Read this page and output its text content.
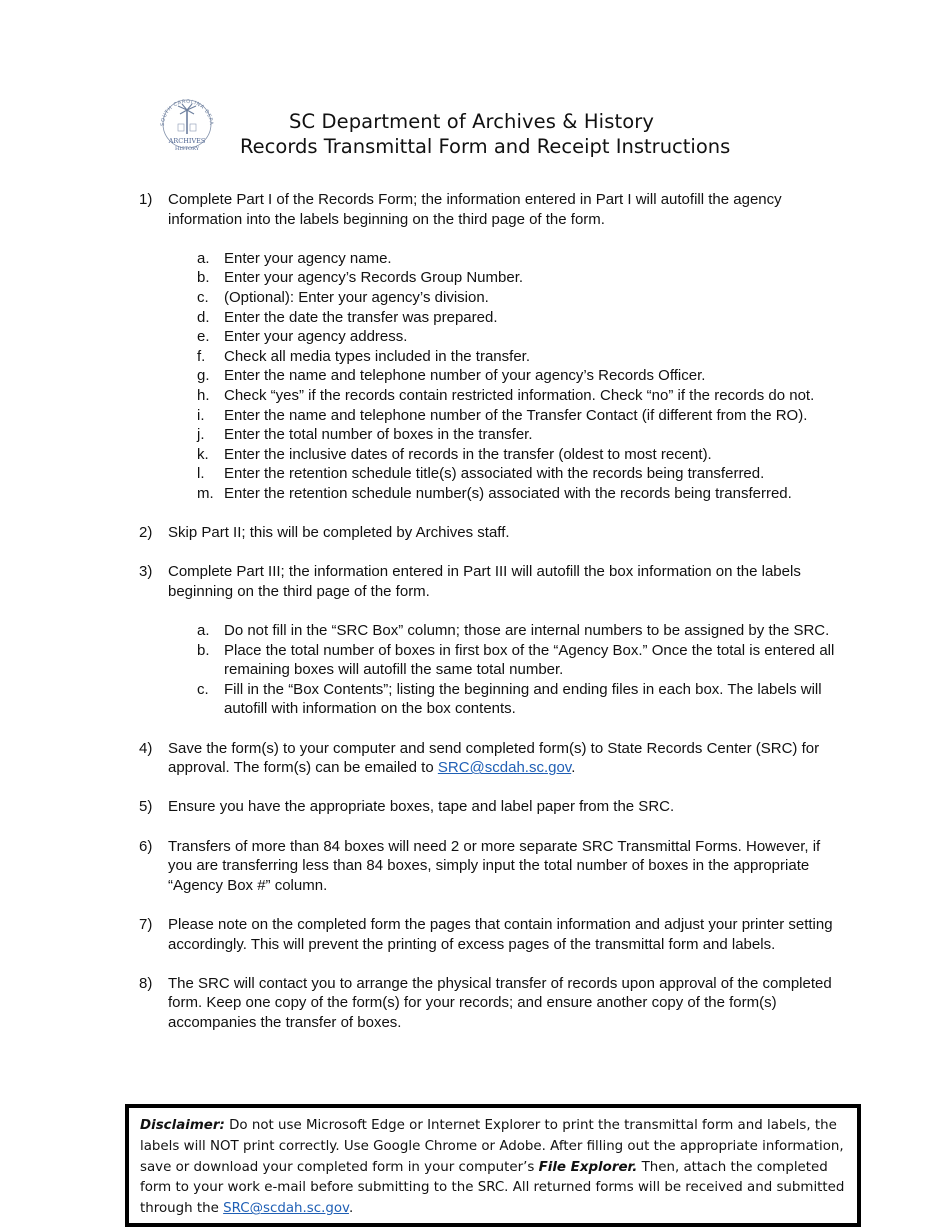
SOUTH CAROLINA DEPA
ARCHIVES
HISTORY
SC Department of Archives & History
Records Transmittal Form and Receipt Instructions
1) Complete Part I of the Records Form; the information entered in Part I will autofill the agency information into the labels beginning on the third page of the form.
a. Enter your agency name.
b. Enter your agency’s Records Group Number.
c. (Optional): Enter your agency’s division.
d. Enter the date the transfer was prepared.
e. Enter your agency address.
f. Check all media types included in the transfer.
g. Enter the name and telephone number of your agency’s Records Officer.
h. Check “yes” if the records contain restricted information. Check “no” if the records do not.
i. Enter the name and telephone number of the Transfer Contact (if different from the RO).
j. Enter the total number of boxes in the transfer.
k. Enter the inclusive dates of records in the transfer (oldest to most recent).
l. Enter the retention schedule title(s) associated with the records being transferred.
m. Enter the retention schedule number(s) associated with the records being transferred.
2) Skip Part II; this will be completed by Archives staff.
3) Complete Part III; the information entered in Part III will autofill the box information on the labels beginning on the third page of the form.
a. Do not fill in the “SRC Box” column; those are internal numbers to be assigned by the SRC.
b. Place the total number of boxes in first box of the “Agency Box.” Once the total is entered all remaining boxes will autofill the same total number.
c. Fill in the “Box Contents”; listing the beginning and ending files in each box. The labels will autofill with information on the box contents.
4) Save the form(s) to your computer and send completed form(s) to State Records Center (SRC) for approval. The form(s) can be emailed to SRC@scdah.sc.gov.
5) Ensure you have the appropriate boxes, tape and label paper from the SRC.
6) Transfers of more than 84 boxes will need 2 or more separate SRC Transmittal Forms. However, if you are transferring less than 84 boxes, simply input the total number of boxes in the appropriate “Agency Box #” column.
7) Please note on the completed form the pages that contain information and adjust your printer setting accordingly. This will prevent the printing of excess pages of the transmittal form and labels.
8) The SRC will contact you to arrange the physical transfer of records upon approval of the completed form. Keep one copy of the form(s) for your records; and ensure another copy of the form(s) accompanies the transfer of boxes.
Disclaimer: Do not use Microsoft Edge or Internet Explorer to print the transmittal form and labels, the labels will NOT print correctly. Use Google Chrome or Adobe. After filling out the appropriate information, save or download your completed form in your computer’s File Explorer. Then, attach the completed form to your work e-mail before submitting to the SRC. All returned forms will be received and submitted through the SRC@scdah.sc.gov.
